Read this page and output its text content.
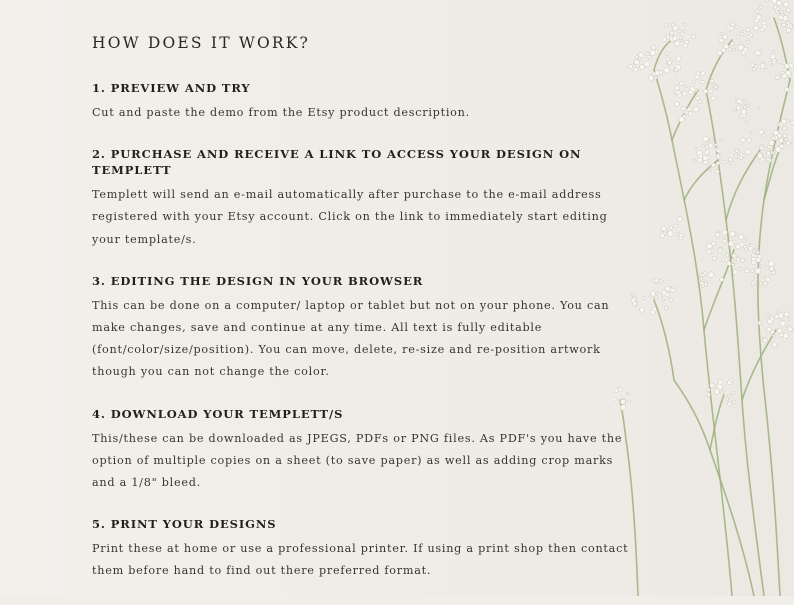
HOW DOES IT WORK?
1. PREVIEW AND TRY

Cut and paste the demo from the Etsy product description.

2. PURCHASE AND RECEIVE A LINK TO ACCESS YOUR DESIGN ON TEMPLETT

Templett will send an e-mail automatically after purchase to the e-mail address registered with your Etsy account. Click on the link to immediately start editing your template/s.

3. EDITING THE DESIGN IN YOUR BROWSER

This can be done on a computer/ laptop or tablet but not on your phone. You can make changes, save and continue at any time. All text is fully editable (font/color/size/position). You can move, delete, re-size and re-position artwork though you can not change the color.

4. DOWNLOAD YOUR TEMPLETT/S

This/these can be downloaded as JPEGS, PDFs or PNG files. As PDF's you have the option of multiple copies on a sheet (to save paper) as well as adding crop marks and a 1/8" bleed.

5. PRINT YOUR DESIGNS

Print these at home or use a professional printer. If using a print shop then contact them before hand to find out there preferred format.
